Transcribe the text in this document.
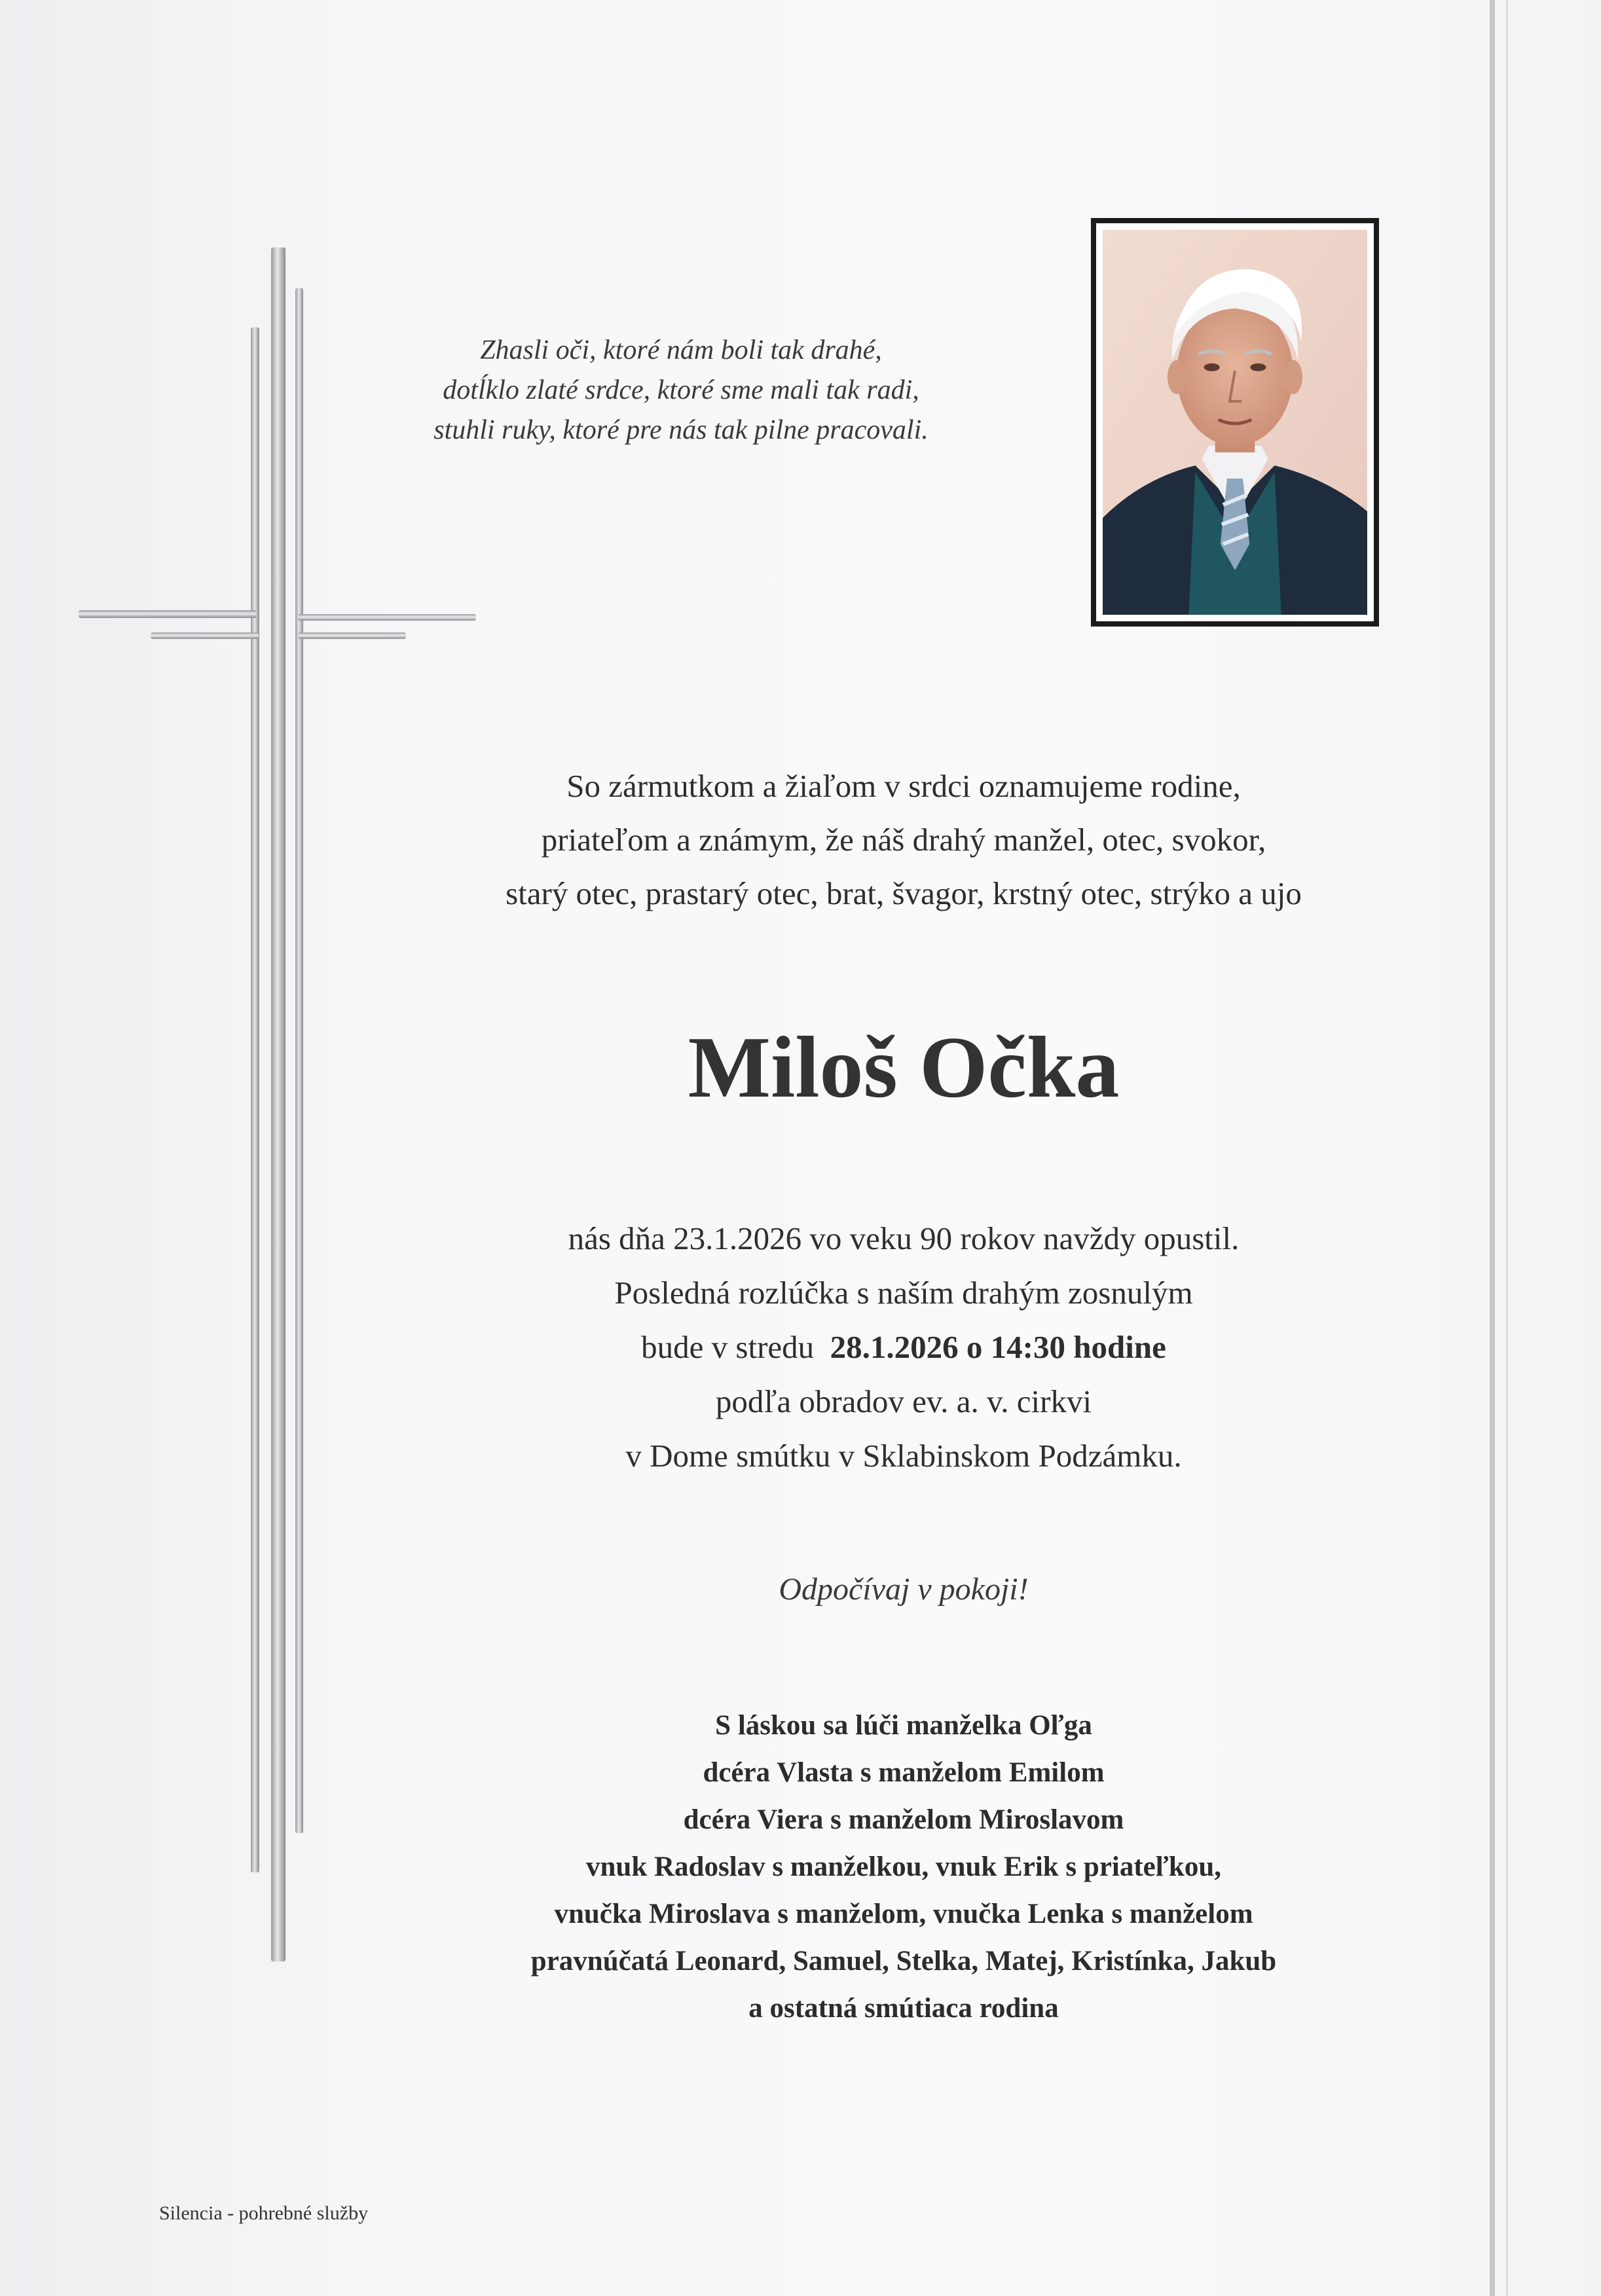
Zhasli oči, ktoré nám boli tak drahé,
dotĺklo zlaté srdce, ktoré sme mali tak radi,
stuhli ruky, ktoré pre nás tak pilne pracovali.
So zármutkom a žiaľom v srdci oznamujeme rodine,
priateľom a známym, že náš drahý manžel, otec, svokor,
starý otec, prastarý otec, brat, švagor, krstný otec, strýko a ujo
Miloš Očka
nás dňa 23.1.2026 vo veku 90 rokov navždy opustil.
Posledná rozlúčka s naším drahým zosnulým
bude v stredu 28.1.2026 o 14:30 hodine
podľa obradov ev. a. v. cirkvi
v Dome smútku v Sklabinskom Podzámku.
Odpočívaj v pokoji!
S láskou sa lúči manželka Oľga
dcéra Vlasta s manželom Emilom
dcéra Viera s manželom Miroslavom
vnuk Radoslav s manželkou, vnuk Erik s priateľkou,
vnučka Miroslava s manželom, vnučka Lenka s manželom
pravnúčatá Leonard, Samuel, Stelka, Matej, Kristínka, Jakub
a ostatná smútiaca rodina
Silencia - pohrebné služby
